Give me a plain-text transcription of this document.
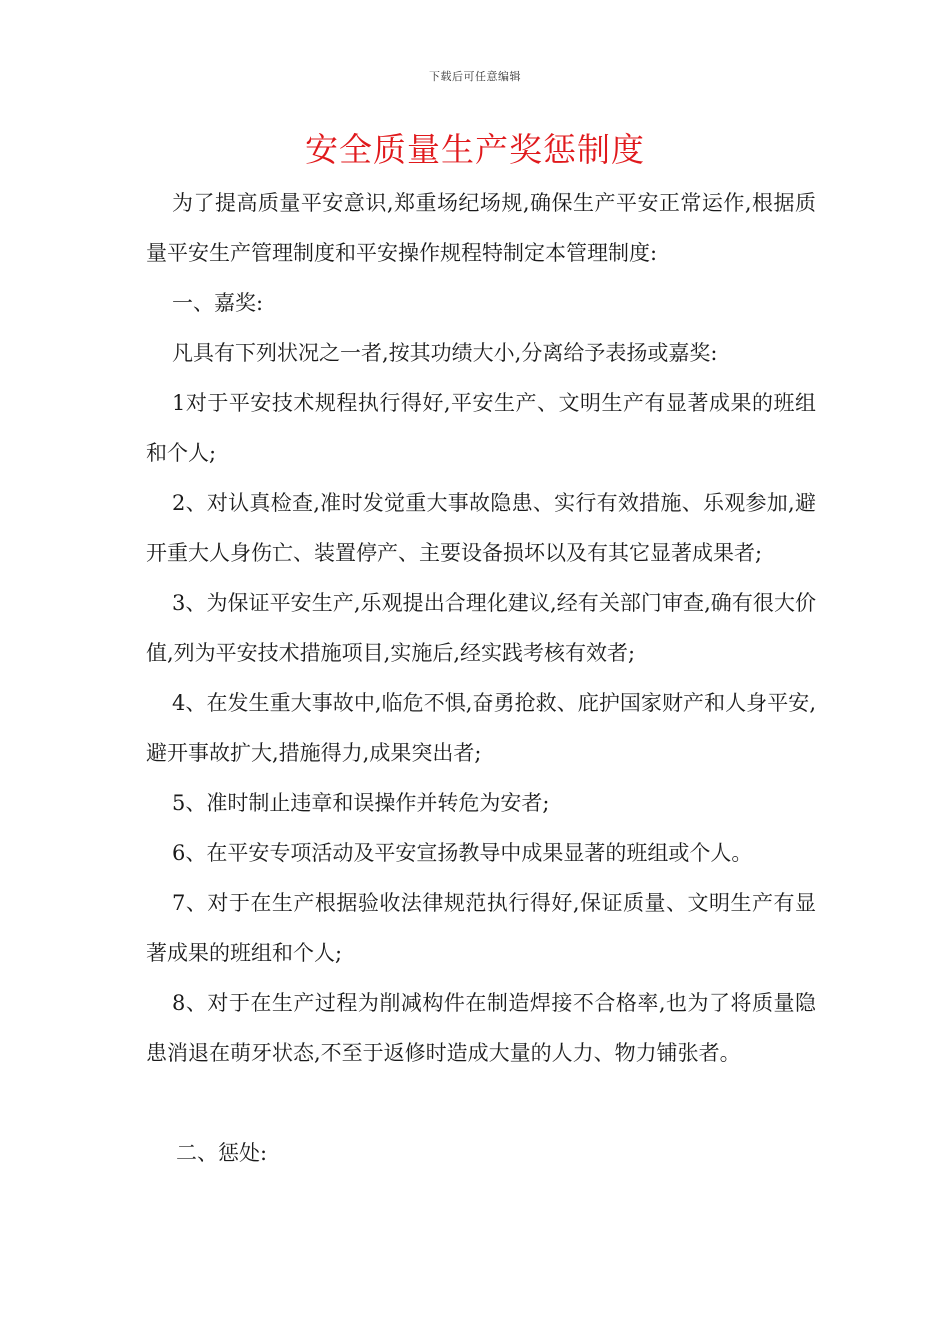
下载后可任意编辑
安全质量生产奖惩制度

为了提高质量平安意识,郑重场纪场规,确保生产平安正常运作,根据质量平安生产管理制度和平安操作规程特制定本管理制度:

一、嘉奖:

凡具有下列状况之一者,按其功绩大小,分离给予表扬或嘉奖:

1对于平安技术规程执行得好,平安生产、文明生产有显著成果的班组和个人;

2、对认真检查,准时发觉重大事故隐患、实行有效措施、乐观参加,避开重大人身伤亡、装置停产、主要设备损坏以及有其它显著成果者;

3、为保证平安生产,乐观提出合理化建议,经有关部门审查,确有很大价值,列为平安技术措施项目,实施后,经实践考核有效者;

4、在发生重大事故中,临危不惧,奋勇抢救、庇护国家财产和人身平安,避开事故扩大,措施得力,成果突出者;

5、准时制止违章和误操作并转危为安者;

6、在平安专项活动及平安宣扬教导中成果显著的班组或个人。

7、对于在生产根据验收法律规范执行得好,保证质量、文明生产有显著成果的班组和个人;

8、对于在生产过程为削减构件在制造焊接不合格率,也为了将质量隐患消退在萌牙状态,不至于返修时造成大量的人力、物力铺张者。

二、惩处:
